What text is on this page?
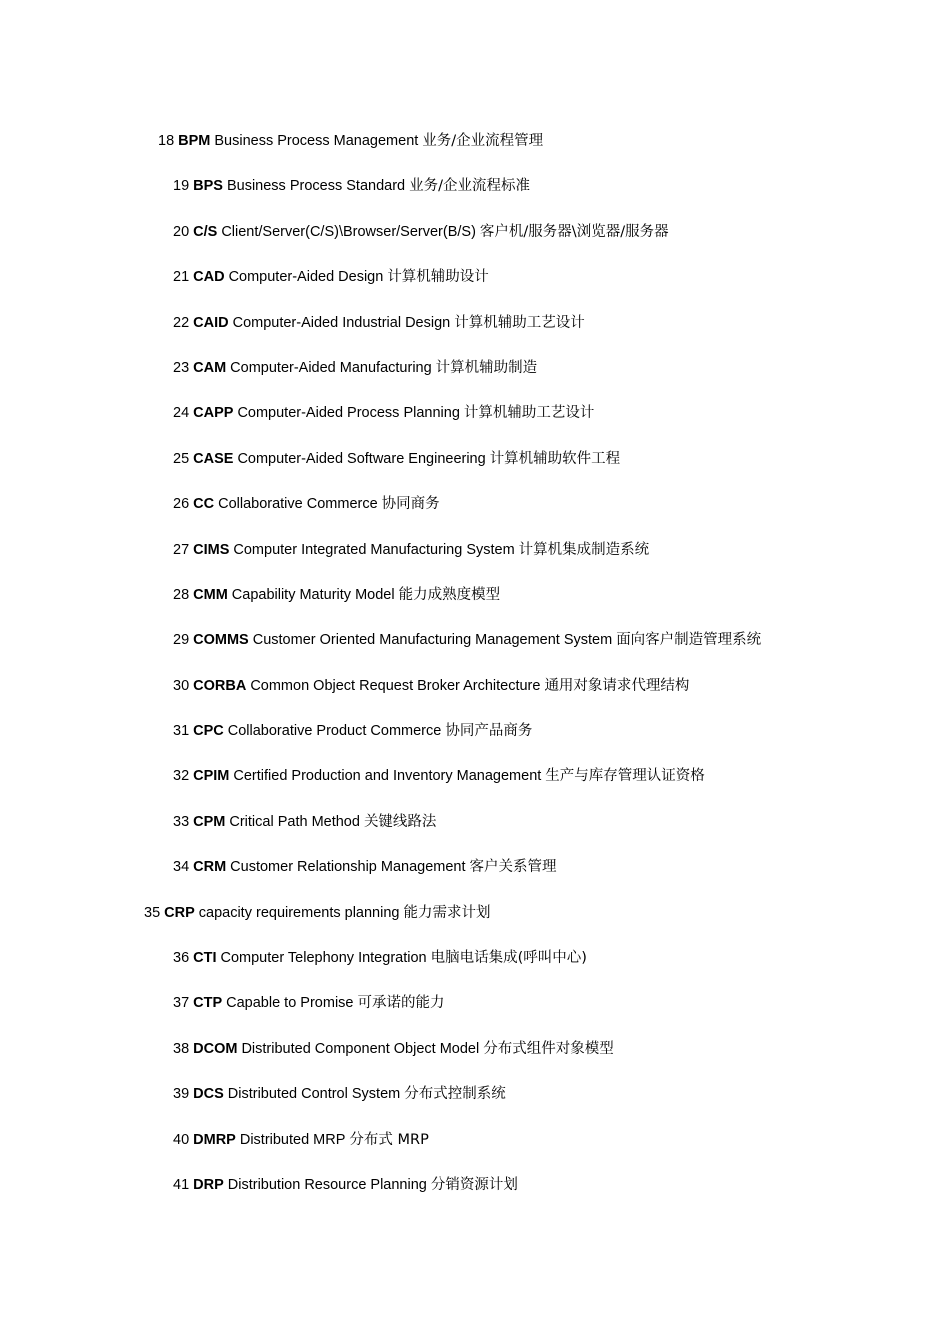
18 BPM Business Process Management 业务/企业流程管理
19 BPS Business Process Standard 业务/企业流程标准
20 C/S Client/Server(C/S)\Browser/Server(B/S) 客户机/服务器\浏览器/服务器
21 CAD Computer-Aided Design 计算机辅助设计
22 CAID Computer-Aided Industrial Design 计算机辅助工艺设计
23 CAM Computer-Aided Manufacturing 计算机辅助制造
24 CAPP Computer-Aided Process Planning 计算机辅助工艺设计
25 CASE Computer-Aided Software Engineering 计算机辅助软件工程
26 CC Collaborative Commerce 协同商务
27 CIMS Computer Integrated Manufacturing System 计算机集成制造系统
28 CMM Capability Maturity Model 能力成熟度模型
29 COMMS Customer Oriented Manufacturing Management System 面向客户制造管理系统
30 CORBA Common Object Request Broker Architecture 通用对象请求代理结构
31 CPC Collaborative Product Commerce 协同产品商务
32 CPIM Certified Production and Inventory Management 生产与库存管理认证资格
33 CPM Critical Path Method 关键线路法
34 CRM Customer Relationship Management 客户关系管理
35 CRP capacity requirements planning 能力需求计划
36 CTI Computer Telephony Integration 电脑电话集成(呼叫中心)
37 CTP Capable to Promise 可承诺的能力
38 DCOM Distributed Component Object Model 分布式组件对象模型
39 DCS Distributed Control System 分布式控制系统
40 DMRP Distributed MRP 分布式 MRP
41 DRP Distribution Resource Planning 分销资源计划
